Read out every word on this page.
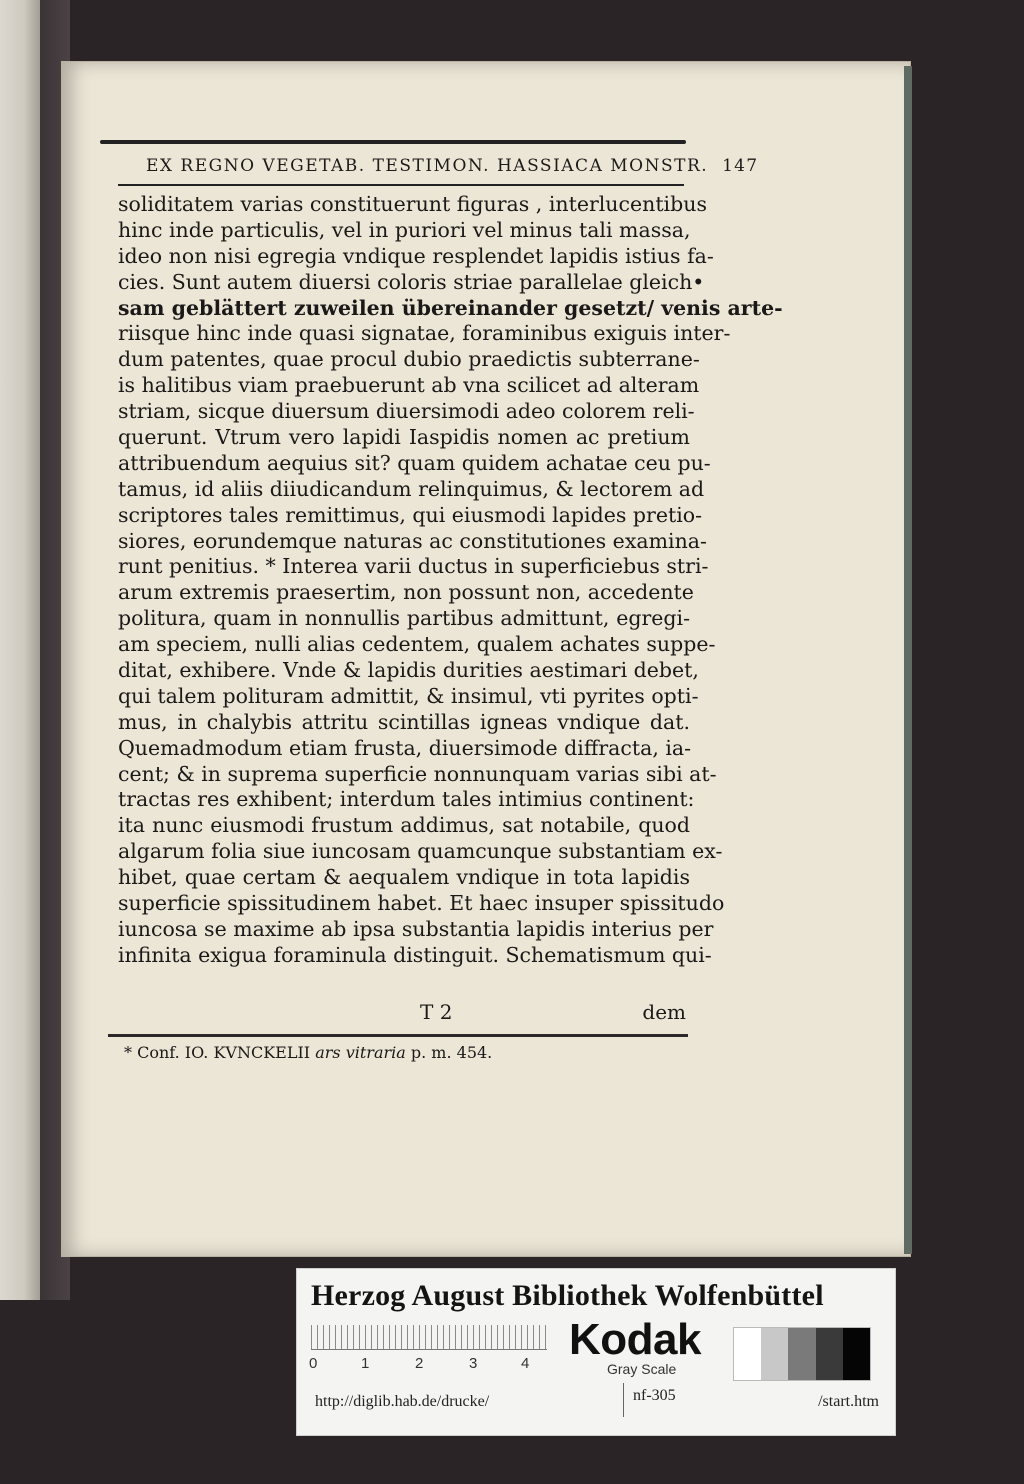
EX REGNO VEGETAB. TESTIMON. HASSIACA MONSTR. 147
soliditatem varias constituerunt figuras , interlucentibus
hinc inde particulis, vel in puriori vel minus tali massa,
ideo non nisi egregia vndique resplendet lapidis istius fa-
cies. Sunt autem diuersi coloris striae parallelae gleich•
sam geblättert zuweilen übereinander gesetzt/ venis arte-
riisque hinc inde quasi signatae, foraminibus exiguis inter-
dum patentes, quae procul dubio praedictis subterrane-
is halitibus viam praebuerunt ab vna scilicet ad alteram
striam, sicque diuersum diuersimodi adeo colorem reli-
querunt. Vtrum vero lapidi Iaspidis nomen ac pretium
attribuendum aequius sit? quam quidem achatae ceu pu-
tamus, id aliis diiudicandum relinquimus, & lectorem ad
scriptores tales remittimus, qui eiusmodi lapides pretio-
siores, eorundemque naturas ac constitutiones examina-
runt penitius. * Interea varii ductus in superficiebus stri-
arum extremis praesertim, non possunt non, accedente
politura, quam in nonnullis partibus admittunt, egregi-
am speciem, nulli alias cedentem, qualem achates suppe-
ditat, exhibere. Vnde & lapidis durities aestimari debet,
qui talem polituram admittit, & insimul, vti pyrites opti-
mus, in chalybis attritu scintillas igneas vndique dat.
Quemadmodum etiam frusta, diuersimode diffracta, ia-
cent; & in suprema superficie nonnunquam varias sibi at-
tractas res exhibent; interdum tales intimius continent:
ita nunc eiusmodi frustum addimus, sat notabile, quod
algarum folia siue iuncosam quamcunque substantiam ex-
hibet, quae certam & aequalem vndique in tota lapidis
superficie spissitudinem habet. Et haec insuper spissitudo
iuncosa se maxime ab ipsa substantia lapidis interius per
infinita exigua foraminula distinguit. Schematismum qui-
T 2	dem
* Conf. IO. KVNCKELII ars vitraria p. m. 454.
Herzog August Bibliothek Wolfenbüttel
0	1	2	3	4 Kodak
Gray Scale
http://diglib.hab.de/drucke/	nf-305	/start.htm
